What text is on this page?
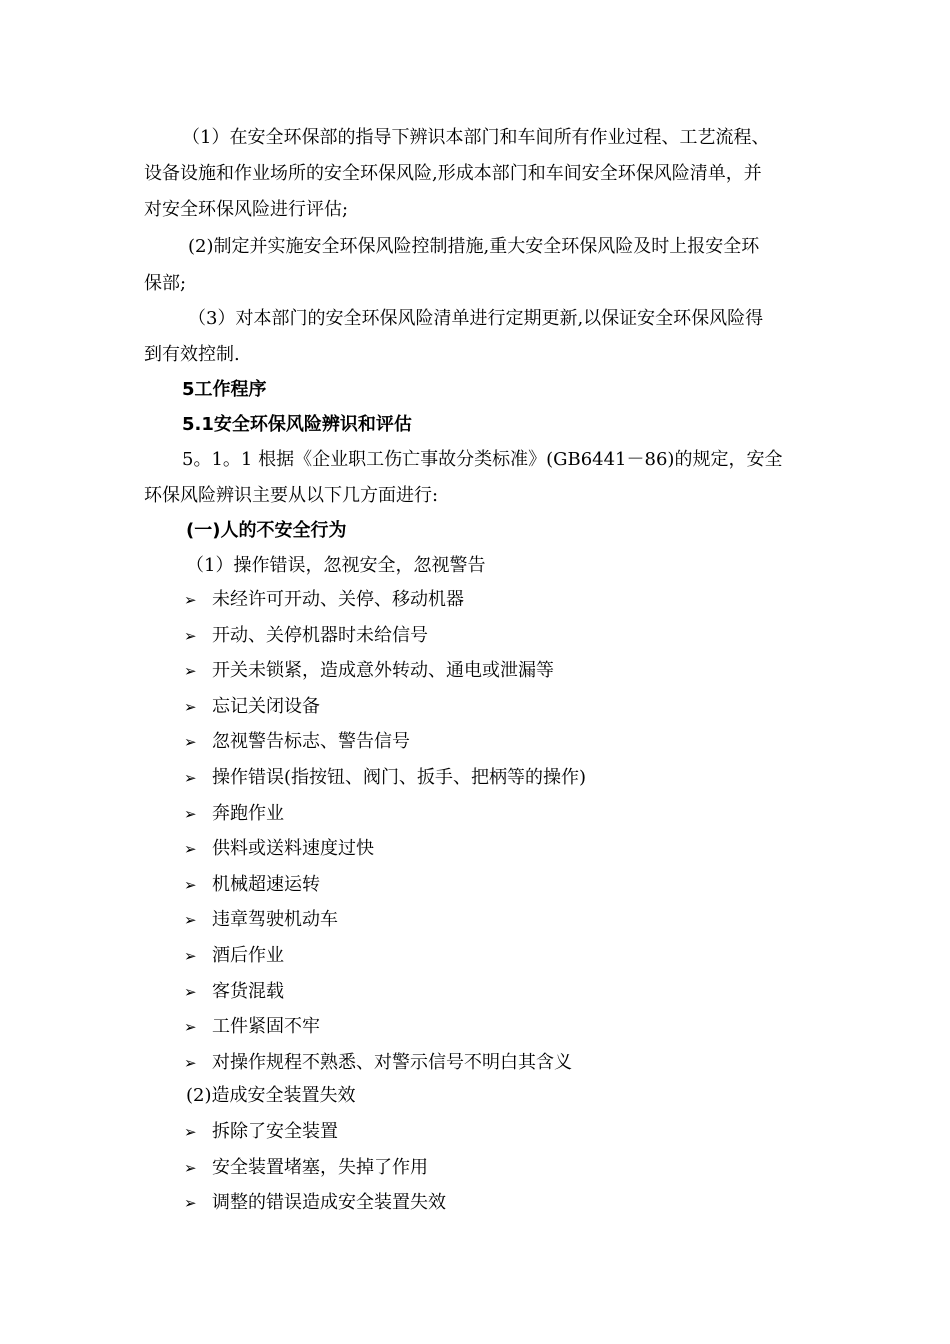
（1）在安全环保部的指导下辨识本部门和车间所有作业过程、工艺流程、
设备设施和作业场所的安全环保风险,形成本部门和车间安全环保风险清单，并
对安全环保风险进行评估;
(2)制定并实施安全环保风险控制措施,重大安全环保风险及时上报安全环
保部;
（3）对本部门的安全环保风险清单进行定期更新,以保证安全环保风险得
到有效控制.
5工作程序
5.1安全环保风险辨识和评估
5。1。1 根据《企业职工伤亡事故分类标准》(GB6441－86)的规定，安全
环保风险辨识主要从以下几方面进行:
(一)人的不安全行为
（1）操作错误，忽视安全，忽视警告
➢ 未经许可开动、关停、移动机器
➢ 开动、关停机器时未给信号
➢ 开关未锁紧，造成意外转动、通电或泄漏等
➢ 忘记关闭设备
➢ 忽视警告标志、警告信号
➢ 操作错误(指按钮、阀门、扳手、把柄等的操作)
➢ 奔跑作业
➢ 供料或送料速度过快
➢ 机械超速运转
➢ 违章驾驶机动车
➢ 酒后作业
➢ 客货混载
➢ 工件紧固不牢
➢ 对操作规程不熟悉、对警示信号不明白其含义
(2)造成安全装置失效
➢ 拆除了安全装置
➢ 安全装置堵塞，失掉了作用
➢ 调整的错误造成安全装置失效
